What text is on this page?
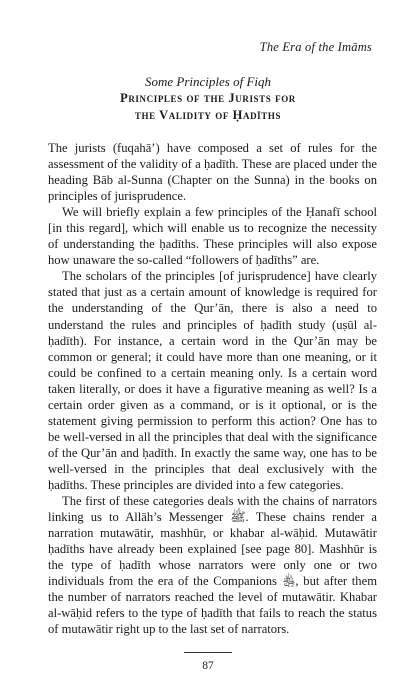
The Era of the Imāms
Some Principles of Fiqh
Principles of the Jurists for
the Validity of Ḥadīths

The jurists (fuqahā’) have composed a set of rules for the assessment of the validity of a ḥadīth. These are placed under the heading Bāb al-Sunna (Chapter on the Sunna) in the books on principles of jurisprudence.

We will briefly explain a few principles of the Ḥanafī school [in this regard], which will enable us to recognize the necessity of understanding the ḥadīths. These principles will also expose how unaware the so-called “followers of ḥadīths” are.

The scholars of the principles [of jurisprudence] have clearly stated that just as a certain amount of knowledge is required for the understanding of the Qur’ān, there is also a need to understand the rules and principles of ḥadīth study (uṣūl al-ḥadīth). For instance, a certain word in the Qur’ān may be common or general; it could have more than one meaning, or it could be confined to a certain meaning only. Is a certain word taken literally, or does it have a figurative meaning as well? Is a certain order given as a command, or is it optional, or is the statement giving permission to perform this action? One has to be well-versed in all the principles that deal with the significance of the Qur’ān and ḥadīth. In exactly the same way, one has to be well-versed in the principles that deal exclusively with the ḥadīths. These principles are divided into a few categories.

The first of these categories deals with the chains of narrators linking us to Allāh’s Messenger ﷺ. These chains render a narration mutawātir, mashhūr, or khabar al-wāḥid. Mutawātir ḥadīths have already been explained [see page 80]. Mashhūr is the type of ḥadīth whose narrators were only one or two individuals from the era of the Companions ﵃, but after them the number of narrators reached the level of mutawātir. Khabar al-wāḥid refers to the type of ḥadīth that fails to reach the status of mutawātir right up to the last set of narrators.

87
